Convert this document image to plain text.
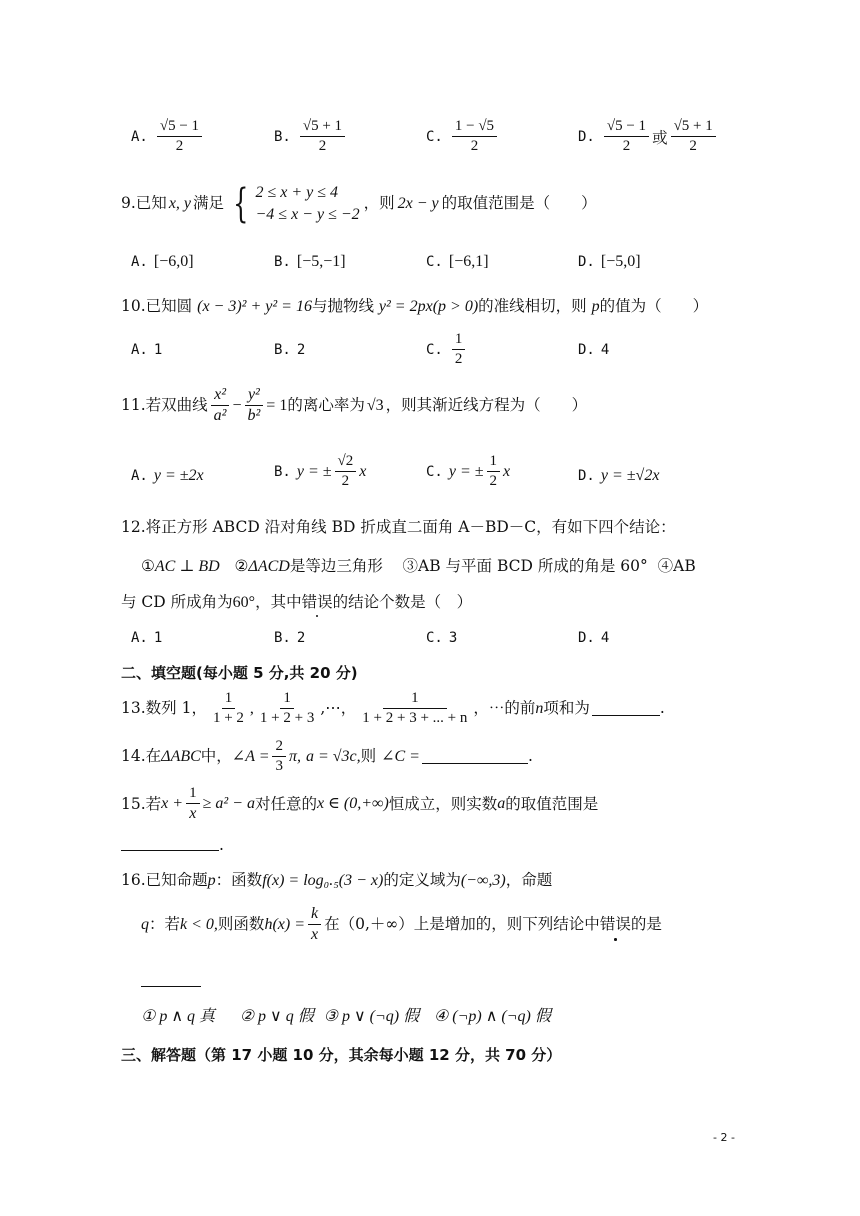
A. $\frac{√5 - 1}{2}$	B. $\frac{√5 + 1}{2}$	C. $\frac{1 - √5}{2}$	D. $\frac{√5 - 1}{2}$ 或 $\frac{√5 + 1}{2}$
9. 已知 x, y 满足 { 2 ≤ x + y ≤ 4
−4 ≤ x − y ≤ −2
，则 2x − y 的取值范围是（　　）
A. [−6,0]	B. [−5,−1]	C. [−6,1]	D. [−5,0]
10.已知圆 (x − 3)² + y² = 16与抛物线 y² = 2px(p > 0)的准线相切，则 p的值为（　　）
A. 1	B. 2	C. $\frac{1}{2}$	D. 4
11. 若双曲线 $\frac{\text{x²}}{\text{a²}} - \frac{\text{y²}}{\text{b²}} = 1$ 的离心率为 √3 ，则其渐近线方程为（　　）
A. y = ±2x	B. y = ± $\frac{√2}{2}$ x	C. y = ± $\frac{1}{2}$ x	D. y = ±√2x
12.将正方形 ABCD 沿对角线 BD 折成直二面角 A－BD－C，有如下四个结论：
①AC ⊥ BD ②ΔACD是等边三角形 ③AB 与平面 BCD 所成的角是 60° ④AB
与 CD 所成角为60°，其中错误的结论个数是（　）
A. 1	B. 2	C. 3	D. 4
二、填空题(每小题 5 分,共 20 分)
13. 数列 1， $\frac{1}{1 + 2}$ , $\frac{1}{1 + 2 + 3}$ ,⋯， $\frac{1}{1 + 2 + 3 + ... + n}$ ，⋯的前 n 项和为	.
14. 在 ΔABC 中， ∠A = $\frac{2}{3} \pi$,
a = √3c, 则
∠C =	.
15. 若 $x + \frac{1}{x} \ge a^2 - a$ 对任意的 x ∈ (0,+∞) 恒成立，则实数 a 的取值范围是
.
16.已知命题p：函数f(x) = log₀.₅(3 − x)的定义域为(−∞,3)，命题
q ：若 k < 0, 则函数 $h(x) = \frac{k}{x}$ 在（0,＋∞）上是增加的，则下列结论中 错误 的是
① p ∧ q 真 ② p ∨ q 假 ③ p ∨ (¬q) 假 ④ (¬p) ∧ (¬q) 假
三、解答题（第 17 小题 10 分，其余每小题 12 分，共 70 分）
- 2 -
